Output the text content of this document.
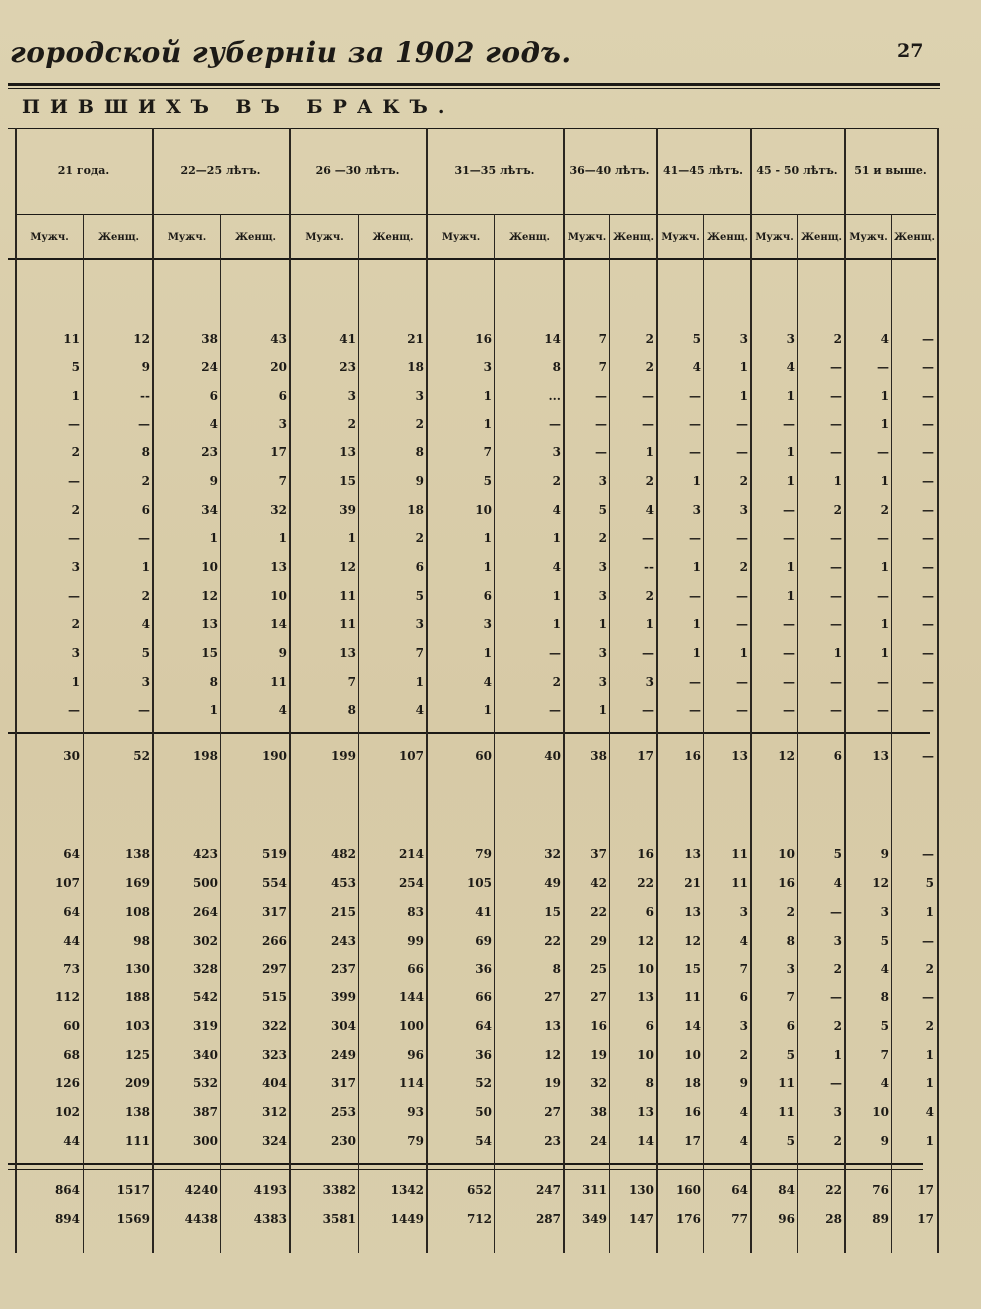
городской губерніи за 1902 годъ.	27
ПИВШИХЪ ВЪ БРАКЪ.
21 года.	22—25 лѣтъ.	26 —30 лѣтъ.	31—35 лѣтъ.	36—40 лѣтъ.	41—45 лѣтъ.	45 - 50 лѣтъ.	51 и выше.
Мужч.	Женщ.	Мужч.	Женщ.	Мужч.	Женщ.	Мужч.	Женщ.	Мужч. Женщ. Мужч. Женщ. Мужч. Женщ. Мужч. Женщ.
11	12	38	43	41	21	16	14	7	2	5	3	3	2	4	—
5	9	24	20	23	18	3	8	7	2	4	1	4	—	—	—
1	--	6	6	3	3	1	...	—	—	—	1	1	—	1	—
—	—	4	3	2	2	1	—	—	—	—	—	—	—	1	—
2	8	23	17	13	8	7	3	—	1	—	—	1	—	—	—
—	2	9	7	15	9	5	2	3	2	1	2	1	1	1	—
2	6	34	32	39	18	10	4	5	4	3	3	—	2	2	—
—	—	1	1	1	2	1	1	2	—	—	—	—	—	—	—
3	1	10	13	12	6	1	4	3	--	1	2	1	—	1	—
—	2	12	10	11	5	6	1	3	2	—	—	1	—	—	—
2	4	13	14	11	3	3	1	1	1	1	—	—	—	1	—
3	5	15	9	13	7	1	—	3	—	1	1	—	1	1	—
1	3	8	11	7	1	4	2	3	3	—	—	—	—	—	—
—	—	1	4	8	4	1	—	1	—	—	—	—	—	—	—
30	52	198	190	199	107	60	40	38	17	16	13	12	6	13	—
64	138	423	519	482	214	79	32	37	16	13	11	10	5	9	—
107	169	500	554	453	254	105	49	42	22	21	11	16	4	12	5
64	108	264	317	215	83	41	15	22	6	13	3	2	—	3	1
44	98	302	266	243	99	69	22	29	12	12	4	8	3	5	—
73	130	328	297	237	66	36	8	25	10	15	7	3	2	4	2
112	188	542	515	399	144	66	27	27	13	11	6	7	—	8	—
60	103	319	322	304	100	64	13	16	6	14	3	6	2	5	2
68	125	340	323	249	96	36	12	19	10	10	2	5	1	7	1
126	209	532	404	317	114	52	19	32	8	18	9	11	—	4	1
102	138	387	312	253	93	50	27	38	13	16	4	11	3	10	4
44	111	300	324	230	79	54	23	24	14	17	4	5	2	9	1
864	1517	4240	4193	3382	1342	652	247	311	130	160	64	84	22	76	17
894	1569	4438	4383	3581	1449	712	287	349	147	176	77	96	28	89	17
